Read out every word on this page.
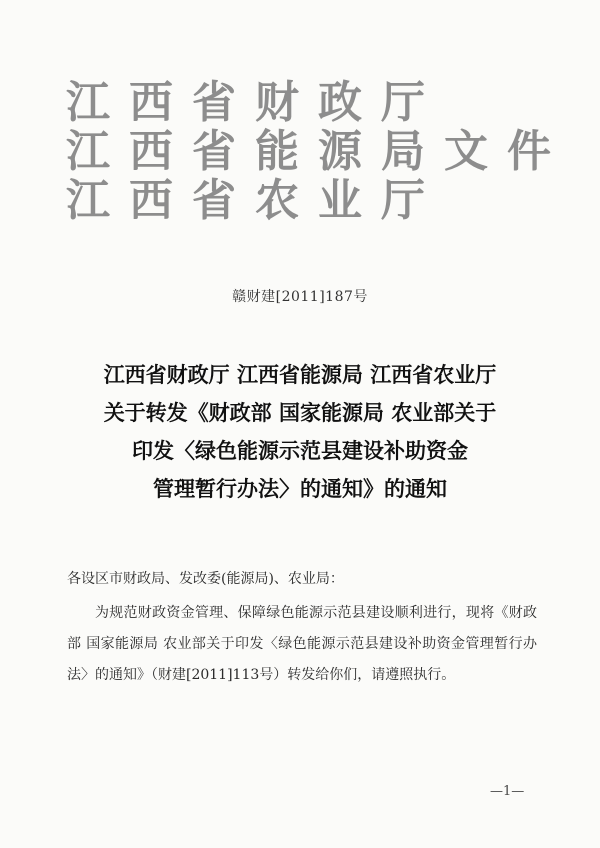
江西省财政厅
江西省能源局文件
江西省农业厅
赣财建[2011]187号
江西省财政厅 江西省能源局 江西省农业厅
关于转发《财政部 国家能源局 农业部关于
印发〈绿色能源示范县建设补助资金
管理暂行办法〉的通知》的通知
各设区市财政局、发改委(能源局)、农业局：
为规范财政资金管理、保障绿色能源示范县建设顺利进行，现将《财政部 国家能源局 农业部关于印发〈绿色能源示范县建设补助资金管理暂行办法〉的通知》（财建[2011]113号）转发给你们，请遵照执行。
—1—
